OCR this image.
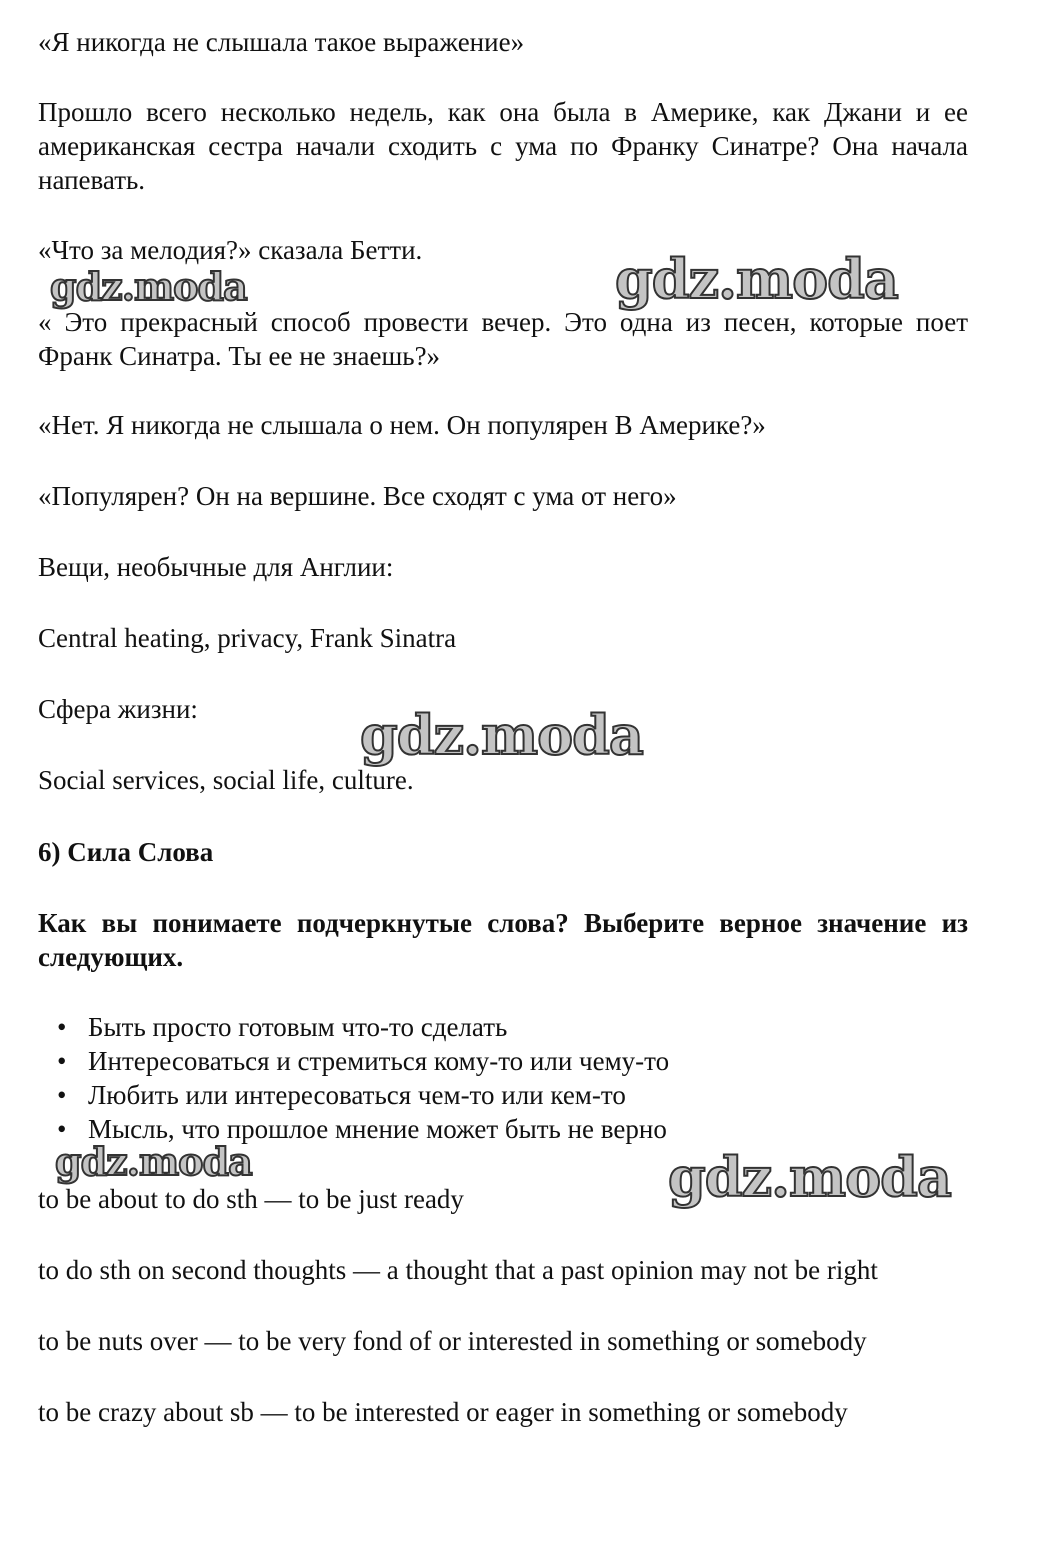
«Я никогда не слышала такое выражение»
Прошло всего несколько недель, как она была в Америке, как Джани и ее американская сестра начали сходить с ума по Франку Синатре? Она начала напевать.
«Что за мелодия?» сказала Бетти.
« Это прекрасный способ провести вечер. Это одна из песен, которые поет Франк Синатра. Ты ее не знаешь?»
«Нет. Я никогда не слышала о нем. Он популярен В Америке?»
«Популярен? Он на вершине. Все сходят с ума от него»
Вещи, необычные для Англии:
Central heating, privacy, Frank Sinatra
Сфера жизни:
Social services, social life, culture.
6) Сила Слова
Как вы понимаете подчеркнутые слова? Выберите верное значение из следующих.
• Быть просто готовым что-то сделать
• Интересоваться и стремиться кому-то или чему-то
• Любить или интересоваться чем-то или кем-то
• Мысль, что прошлое мнение может быть не верно
to be about to do sth — to be just ready
to do sth on second thoughts — a thought that a past opinion may not be right
to be nuts over — to be very fond of or interested in something or somebody
to be crazy about sb — to be interested or eager in something or somebody
gdz.moda	gdz.moda
gdz.moda
gdz.moda	gdz.moda
